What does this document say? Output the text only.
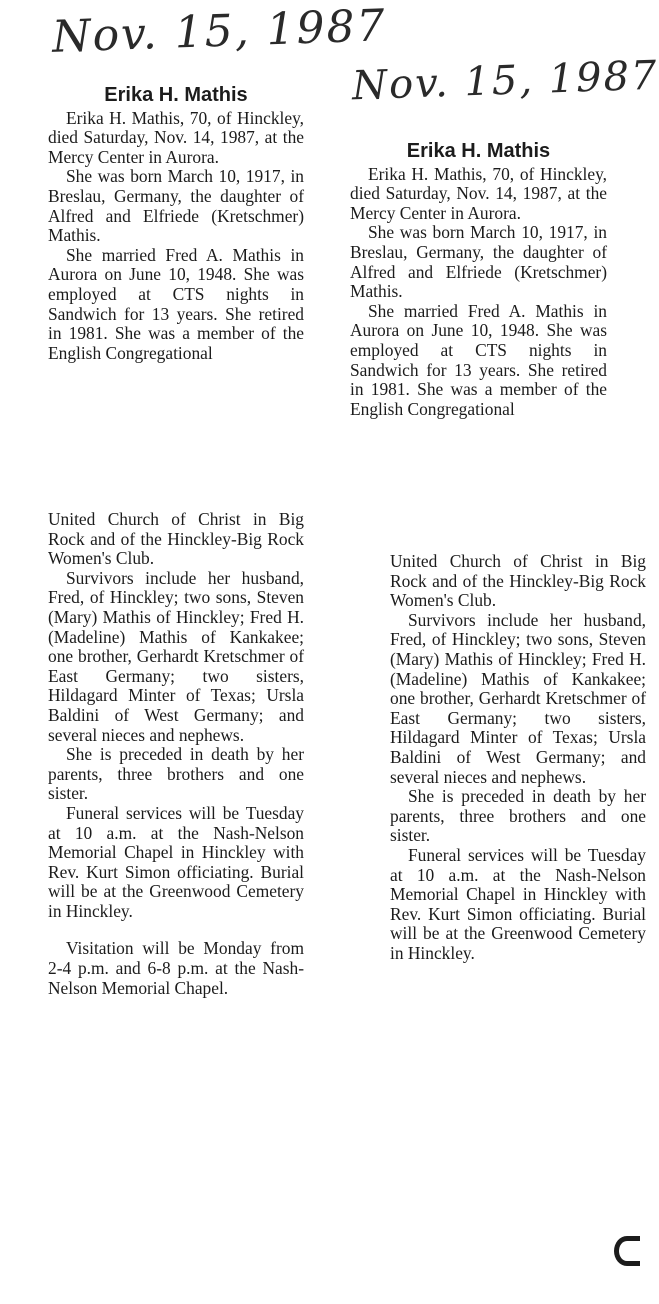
Nov. 15, 1987
Erika H. Mathis

Erika H. Mathis, 70, of Hinckley, died Saturday, Nov. 14, 1987, at the Mercy Center in Aurora.

She was born March 10, 1917, in Breslau, Germany, the daughter of Alfred and Elfriede (Kretschmer) Mathis.

She married Fred A. Mathis in Aurora on June 10, 1948. She was employed at CTS nights in Sandwich for 13 years. She retired in 1981. She was a member of the English Congregational

United Church of Christ in Big Rock and of the Hinckley-Big Rock Women's Club.

Survivors include her husband, Fred, of Hinckley; two sons, Steven (Mary) Mathis of Hinckley; Fred H. (Madeline) Mathis of Kankakee; one brother, Gerhardt Kretschmer of East Germany; two sisters, Hildagard Minter of Texas; Ursla Baldini of West Germany; and several nieces and nephews.

She is preceded in death by her parents, three brothers and one sister.

Funeral services will be Tuesday at 10 a.m. at the Nash-Nelson Memorial Chapel in Hinckley with Rev. Kurt Simon officiating. Burial will be at the Greenwood Cemetery in Hinckley.

Visitation will be Monday from 2-4 p.m. and 6-8 p.m. at the Nash-Nelson Memorial Chapel.

Nov. 15, 1987
Erika H. Mathis

Erika H. Mathis, 70, of Hinckley, died Saturday, Nov. 14, 1987, at the Mercy Center in Aurora.

She was born March 10, 1917, in Breslau, Germany, the daughter of Alfred and Elfriede (Kretschmer) Mathis.

She married Fred A. Mathis in Aurora on June 10, 1948. She was employed at CTS nights in Sandwich for 13 years. She retired in 1981. She was a member of the English Congregational

United Church of Christ in Big Rock and of the Hinckley-Big Rock Women's Club.

Survivors include her husband, Fred, of Hinckley; two sons, Steven (Mary) Mathis of Hinckley; Fred H. (Madeline) Mathis of Kankakee; one brother, Gerhardt Kretschmer of East Germany; two sisters, Hildagard Minter of Texas; Ursla Baldini of West Germany; and several nieces and nephews.

She is preceded in death by her parents, three brothers and one sister.

Funeral services will be Tuesday at 10 a.m. at the Nash-Nelson Memorial Chapel in Hinckley with Rev. Kurt Simon officiating. Burial will be at the Greenwood Cemetery in Hinckley.
